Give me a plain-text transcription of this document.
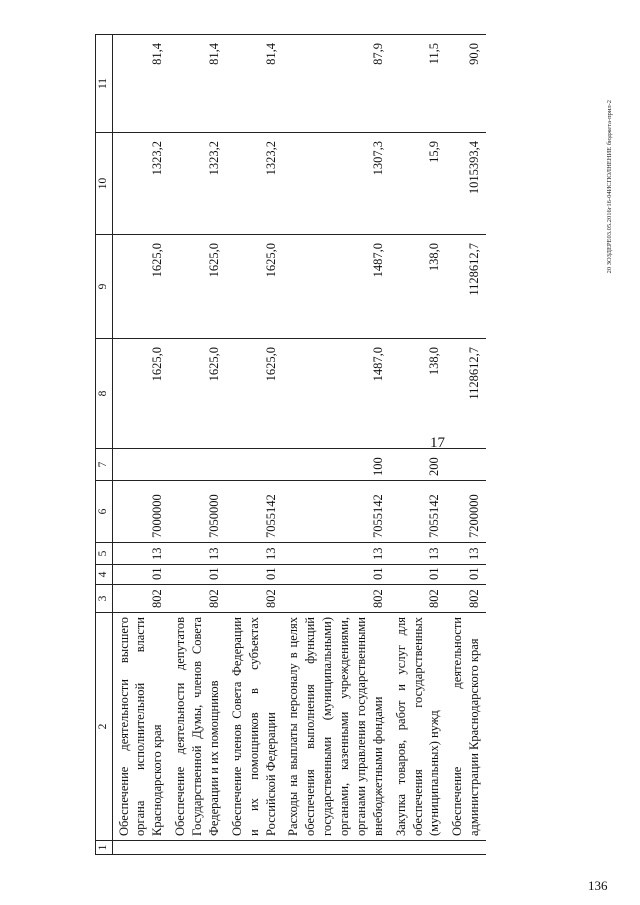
17
136
20 ЗОЗДЕРЕ03.05.2016г16-04ИСПОЛНЕНИЕ бюджета-прил-2
1	2	3	4	5	6	7	8	9	10	11
	Обеспечение деятельности высшего органа исполнительной власти Краснодарского края	802	01	13	7000000		1625,0	1625,0	1323,2	81,4
	Обеспечение деятельности депутатов Государственной Думы, членов Совета Федерации и их помощников	802	01	13	7050000		1625,0	1625,0	1323,2	81,4
	Обеспечение членов Совета Федерации и их помощников в субъектах Российской Федерации	802	01	13	7055142		1625,0	1625,0	1323,2	81,4
	Расходы на выплаты персоналу в целях обеспечения выполнения функций государственными (муниципальными) органами, казенными учреждениями, органами управления государственными внебюджетными фондами	802	01	13	7055142	100	1487,0	1487,0	1307,3	87,9
	Закупка товаров, работ и услуг для обеспечения государственных (муниципальных) нужд	802	01	13	7055142	200	138,0	138,0	15,9	11,5
	Обеспечение деятельности администрации Краснодарского края	802	01	13	7200000		1128612,7	1128612,7	1015393,4	90,0
